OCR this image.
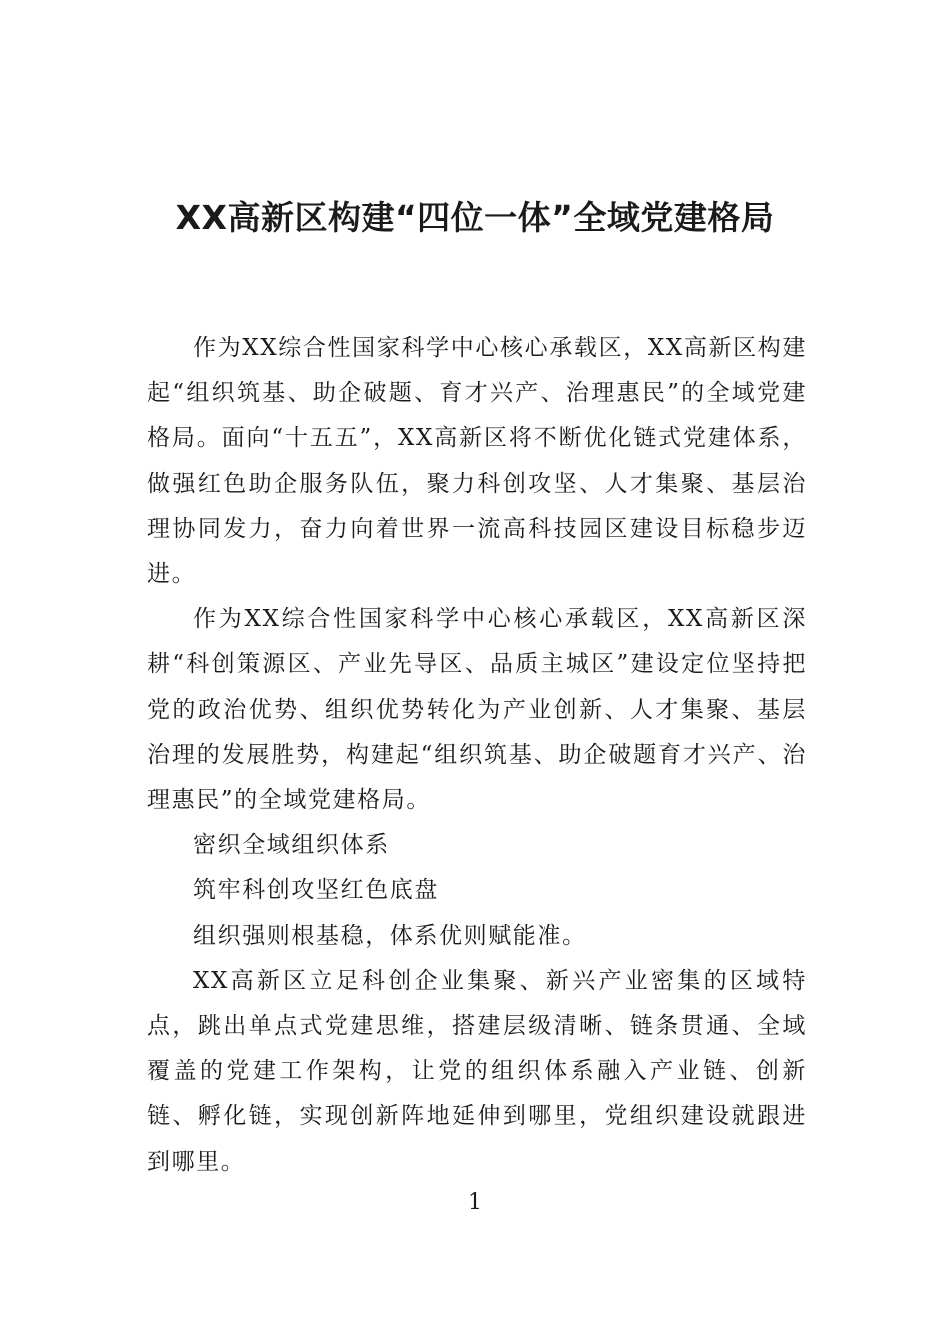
XX高新区构建“四位一体”全域党建格局

作为XX综合性国家科学中心核心承载区，XX高新区构建起“组织筑基、助企破题、育才兴产、治理惠民”的全域党建格局。面向“十五五”，XX高新区将不断优化链式党建体系，做强红色助企服务队伍，聚力科创攻坚、人才集聚、基层治理协同发力，奋力向着世界一流高科技园区建设目标稳步迈进。

作为XX综合性国家科学中心核心承载区，XX高新区深耕“科创策源区、产业先导区、品质主城区”建设定位坚持把党的政治优势、组织优势转化为产业创新、人才集聚、基层治理的发展胜势，构建起“组织筑基、助企破题育才兴产、治理惠民”的全域党建格局。

密织全域组织体系

筑牢科创攻坚红色底盘

组织强则根基稳，体系优则赋能准。

XX高新区立足科创企业集聚、新兴产业密集的区域特点，跳出单点式党建思维，搭建层级清晰、链条贯通、全域覆盖的党建工作架构，让党的组织体系融入产业链、创新链、孵化链，实现创新阵地延伸到哪里，党组织建设就跟进到哪里。

1
